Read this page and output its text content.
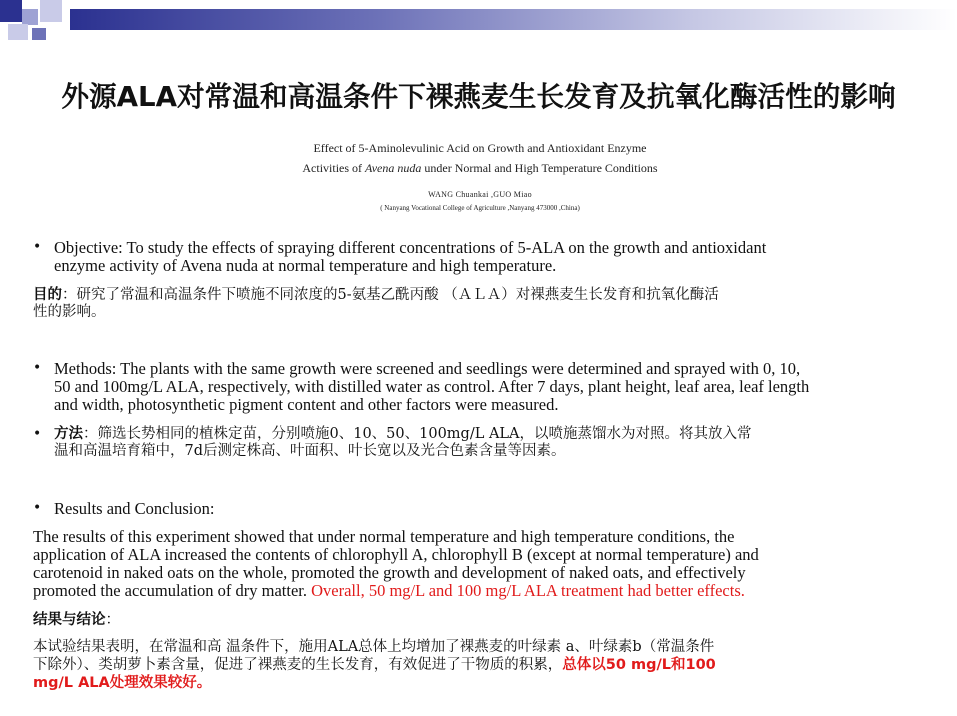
外源ALA对常温和高温条件下裸燕麦生长发育及抗氧化酶活性的影响
Effect of 5-Aminolevulinic Acid on Growth and Antioxidant Enzyme
Activities of Avena nuda under Normal and High Temperature Conditions
WANG Chuankai ,GUO Miao
( Nanyang Vocational College of Agriculture ,Nanyang 473000 ,China)
• Objective: To study the effects of spraying different concentrations of 5-ALA on the growth and antioxidant
enzyme activity of Avena nuda at normal temperature and high temperature.
目的：研究了常温和高温条件下喷施不同浓度的5-氨基乙酰丙酸 （ＡＬＡ）对裸燕麦生长发育和抗氧化酶活
性的影响。
• Methods: The plants with the same growth were screened and seedlings were determined and sprayed with 0, 10,
50 and 100mg/L ALA, respectively, with distilled water as control. After 7 days, plant height, leaf area, leaf length
and width, photosynthetic pigment content and other factors were measured.
• 方法：筛选长势相同的植株定苗，分别喷施0、10、50、100mg/L ALA，以喷施蒸馏水为对照。将其放入常
温和高温培育箱中，7d后测定株高、叶面积、叶长宽以及光合色素含量等因素。
• Results and Conclusion:
The results of this experiment showed that under normal temperature and high temperature conditions, the
application of ALA increased the contents of chlorophyll A, chlorophyll B (except at normal temperature) and
carotenoid in naked oats on the whole, promoted the growth and development of naked oats, and effectively
promoted the accumulation of dry matter. Overall, 50 mg/L and 100 mg/L ALA treatment had better effects.
结果与结论：
本试验结果表明，在常温和高 温条件下，施用ALA总体上均增加了裸燕麦的叶绿素 a、叶绿素b（常温条件
下除外）、类胡萝卜素含量，促进了裸燕麦的生长发育，有效促进了干物质的积累，总体以50 mg/L和100
mg/L ALA处理效果较好。
